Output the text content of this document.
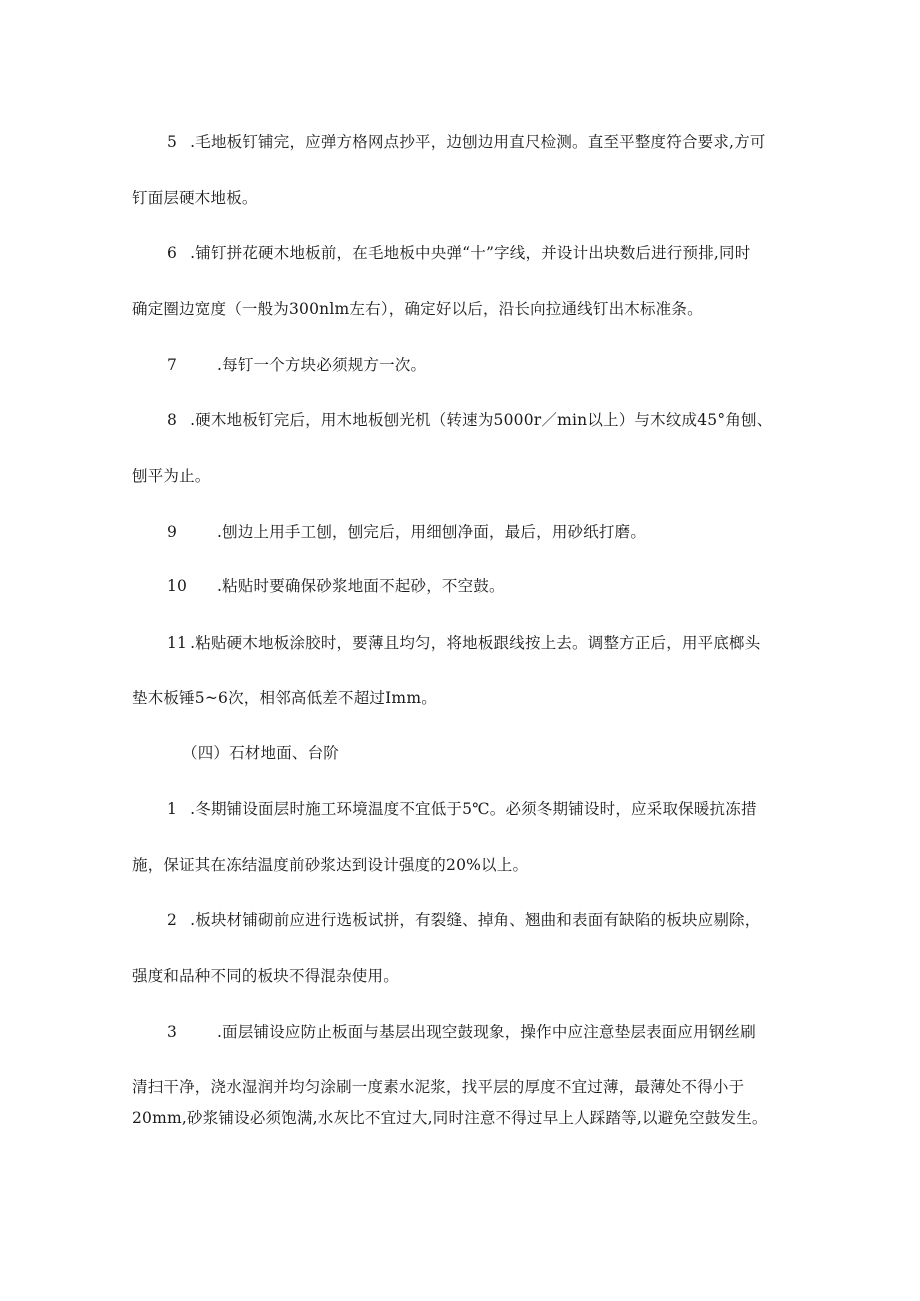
5 .毛地板钉铺完，应弹方格网点抄平，边刨边用直尺检测。直至平整度符合要求,方可
钉面层硬木地板。
6 .铺钉拼花硬木地板前，在毛地板中央弹“十”字线，并设计出块数后进行预排,同时
确定圈边宽度（一般为300nlm左右），确定好以后，沿长向拉通线钉出木标准条。
7	.每钉一个方块必须规方一次。
8 .硬木地板钉完后，用木地板刨光机（转速为5000r／min以上）与木纹成45°角刨、
刨平为止。
9	.刨边上用手工刨，刨完后，用细刨净面，最后，用砂纸打磨。
10 .粘贴时要确保砂浆地面不起砂，不空鼓。
11 .粘贴硬木地板涂胶时，要薄且均匀，将地板跟线按上去。调整方正后，用平底榔头
垫木板锤5~6次，相邻高低差不超过Imm。
（四）石材地面、台阶
1 .冬期铺设面层时施工环境温度不宜低于5℃。必须冬期铺设时，应采取保暖抗冻措
施，保证其在冻结温度前砂浆达到设计强度的20%以上。
2 .板块材铺砌前应进行选板试拼，有裂缝、掉角、翘曲和表面有缺陷的板块应剔除，
强度和品种不同的板块不得混杂使用。
3	.面层铺设应防止板面与基层出现空鼓现象，操作中应注意垫层表面应用钢丝刷
清扫干净，浇水湿润并均匀涂刷一度素水泥浆，找平层的厚度不宜过薄，最薄处不得小于
20mm,砂浆铺设必须饱满,水灰比不宜过大,同时注意不得过早上人踩踏等,以避免空鼓发生。
